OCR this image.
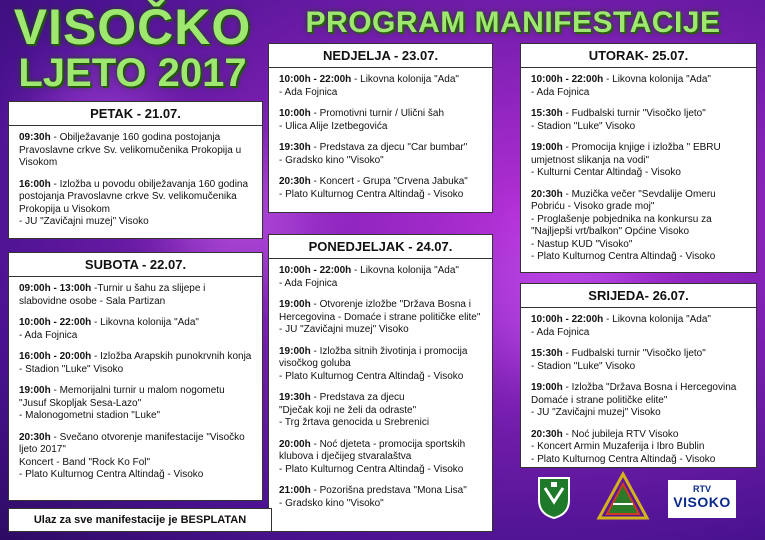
VISOČKO
LJETO 2017
PROGRAM MANIFESTACIJE
PETAK - 21.07.
09:30h - Obilježavanje 160 godina postojanja Pravoslavne crkve Sv. velikomučenika Prokopija u Visokom
16:00h - Izložba u povodu obilježavanja 160 godina postojanja Pravoslavne crkve Sv. velikomučenika Prokopija u Visokom
- JU "Zavičajni muzej" Visoko
SUBOTA - 22.07.
09:00h - 13:00h -Turnir u šahu za slijepe i slabovidne osobe - Sala Partizan
10:00h - 22:00h - Likovna kolonija "Ada"
- Ada Fojnica
16:00h - 20:00h - Izložba Arapskih punokrvnih konja
- Stadion "Luke" Visoko
19:00h - Memorijalni turnir u malom nogometu "Jusuf Skopljak Sesa-Lazo"
- Malonogometni stadion "Luke"
20:30h - Svečano otvorenje manifestacije "Visočko ljeto 2017"
Koncert - Band "Rock Ko Fol"
- Plato Kulturnog Centra Altindağ - Visoko
NEDJELJA - 23.07.
10:00h - 22:00h - Likovna kolonija "Ada"
- Ada Fojnica
10:00h - Promotivni turnir / Ulični šah
- Ulica Alije Izetbegovića
19:30h - Predstava za djecu "Car bumbar"
- Gradsko kino "Visoko"
20:30h - Koncert - Grupa "Crvena Jabuka"
- Plato Kulturnog Centra Altindağ - Visoko
PONEDJELJAK - 24.07.
10:00h - 22:00h - Likovna kolonija "Ada"
- Ada Fojnica
19:00h - Otvorenje izložbe "Država Bosna i Hercegovina - Domaće i strane političke elite"
- JU "Zavičajni muzej" Visoko
19:00h - Izložba sitnih životinja i promocija visočkog goluba
- Plato Kulturnog Centra Altindağ - Visoko
19:30h - Predstava za djecu
"Dječak koji ne želi da odraste"
- Trg žrtava genocida u Srebrenici
20:00h - Noć djeteta - promocija sportskih klubova i dječijeg stvaralaštva
- Plato Kulturnog Centra Altindağ - Visoko
21:00h - Pozorišna predstava "Mona Lisa"
- Gradsko kino "Visoko"
UTORAK- 25.07.
10:00h - 22:00h - Likovna kolonija "Ada"
- Ada Fojnica
15:30h - Fudbalski turnir "Visočko ljeto"
- Stadion "Luke" Visoko
19:00h - Promocija knjige i izložba " EBRU umjetnost slikanja na vodi"
- Kulturni Centar Altindağ - Visoko
20:30h - Muzička večer "Sevdalije Omeru Pobriću - Visoko grade moj"
- Proglašenje pobjednika na konkursu za "Najljepši vrt/balkon" Općine Visoko
- Nastup KUD "Visoko"
- Plato Kulturnog Centra Altindağ - Visoko
SRIJEDA- 26.07.
10:00h - 22:00h - Likovna kolonija "Ada"
- Ada Fojnica
15:30h - Fudbalski turnir "Visočko ljeto"
- Stadion "Luke" Visoko
19:00h - Izložba "Država Bosna i Hercegovina Domaće i strane političke elite"
- JU "Zavičajni muzej" Visoko
20:30h - Noć jubileja RTV Visoko
- Koncert Armin Muzaferija i Ibro Bublin
- Plato Kulturnog Centra Altindağ - Visoko
Ulaz za sve manifestacije je BESPLATAN
RTV
VISOKO
